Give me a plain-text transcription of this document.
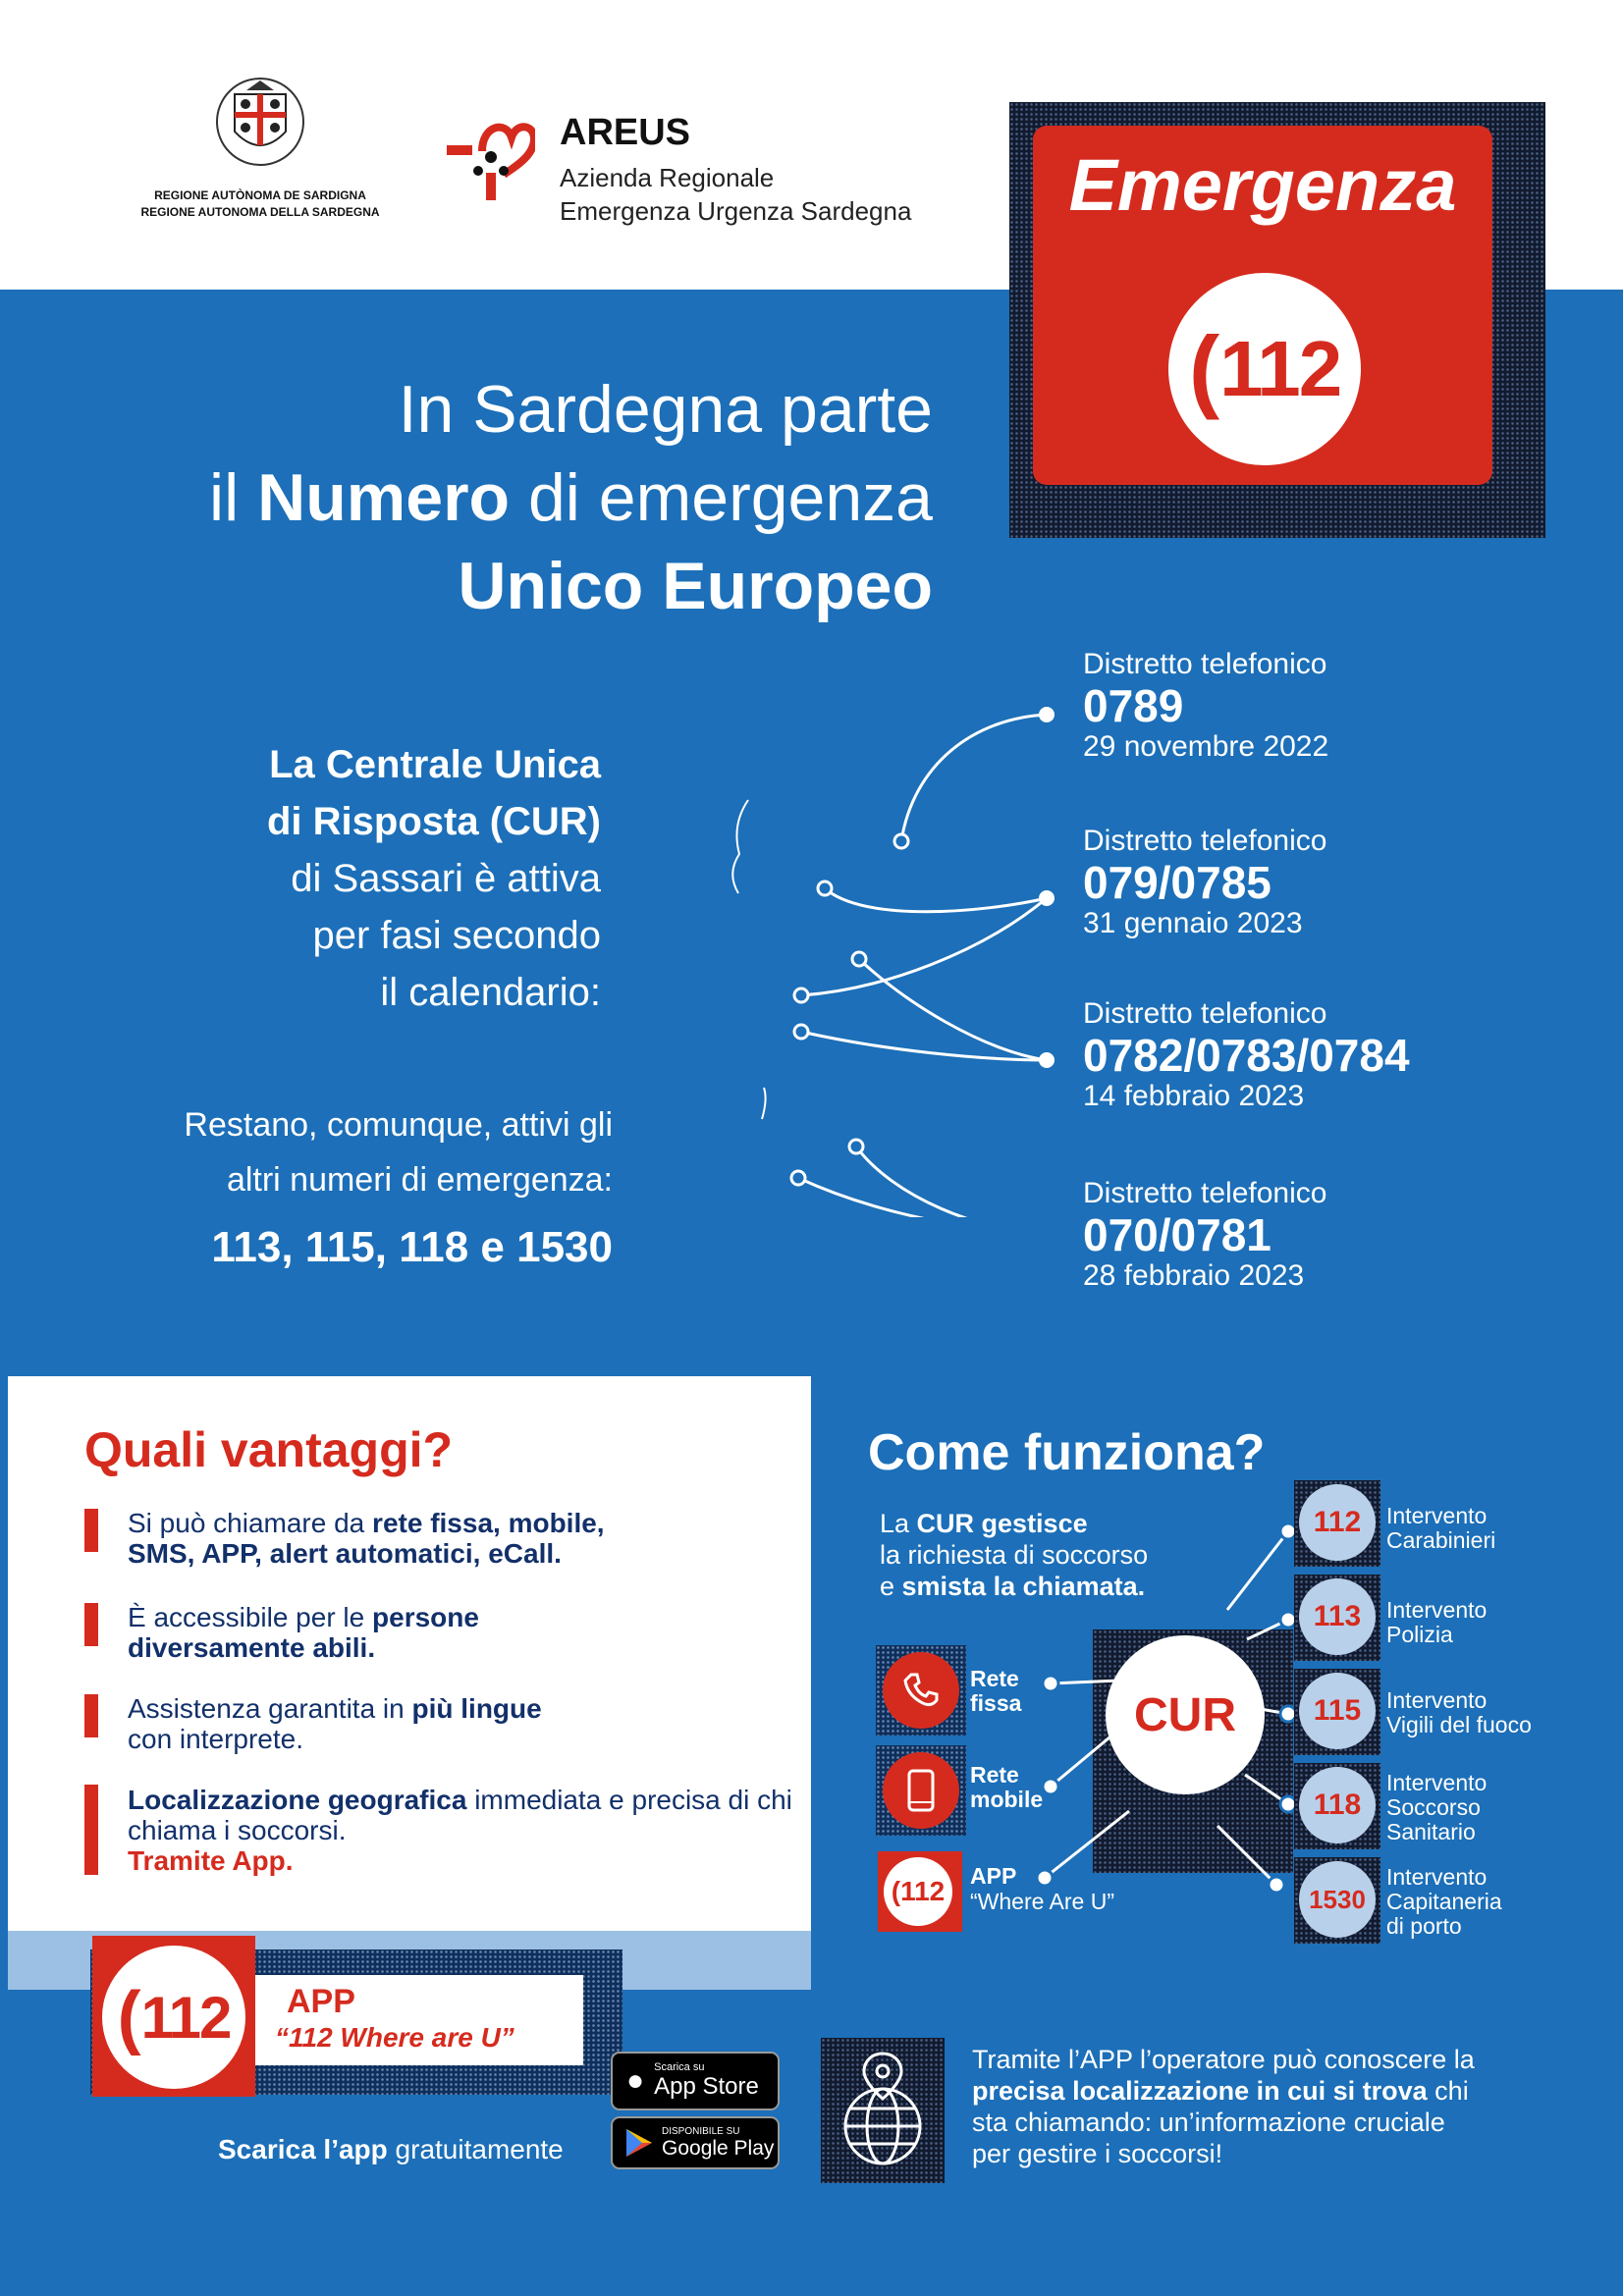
REGIONE AUTÒNOMA DE SARDIGNA
REGIONE AUTONOMA DELLA SARDEGNA
AREUS
Azienda Regionale
Emergenza Urgenza Sardegna	Emergenza
( 112
In Sardegna parte
il Numero di emergenza
Unico Europeo
La Centrale Unica
di Risposta (CUR)
di Sassari è attiva
per fasi secondo
il calendario:
Restano, comunque, attivi gli
altri numeri di emergenza:
113, 115, 118 e 1530
Distretto telefonico
0789
29 novembre 2022
Distretto telefonico
079/0785
31 gennaio 2023
Distretto telefonico
0782/0783/0784
14 febbraio 2023
Distretto telefonico
070/0781
28 febbraio 2023
Quali vantaggi?
Si può chiamare da rete fissa, mobile, SMS, APP, alert automatici, eCall.
È accessibile per le persone diversamente abili.
Assistenza garantita in più lingue
con interprete.
Localizzazione geografica immediata e precisa di chi chiama i soccorsi.
Tramite App.
APP
“112 Where are U”
( 112
Scarica l’app gratuitamente
● Scarica su
App Store
DISPONIBILE SU
Google Play
Come funziona?
La CUR gestisce
la richiesta di soccorso
e smista la chiamata.
CUR
Rete fissa
Rete mobile
(112 APP
“Where Are U”
112	Intervento
Carabinieri
113	Intervento
Polizia
115	Intervento
Vigili del fuoco
118
Intervento
Soccorso
Sanitario
1530
Intervento
Capitaneria
di porto
Tramite l’APP l’operatore può conoscere la
precisa localizzazione in cui si trova chi
sta chiamando: un’informazione cruciale
per gestire i soccorsi!
